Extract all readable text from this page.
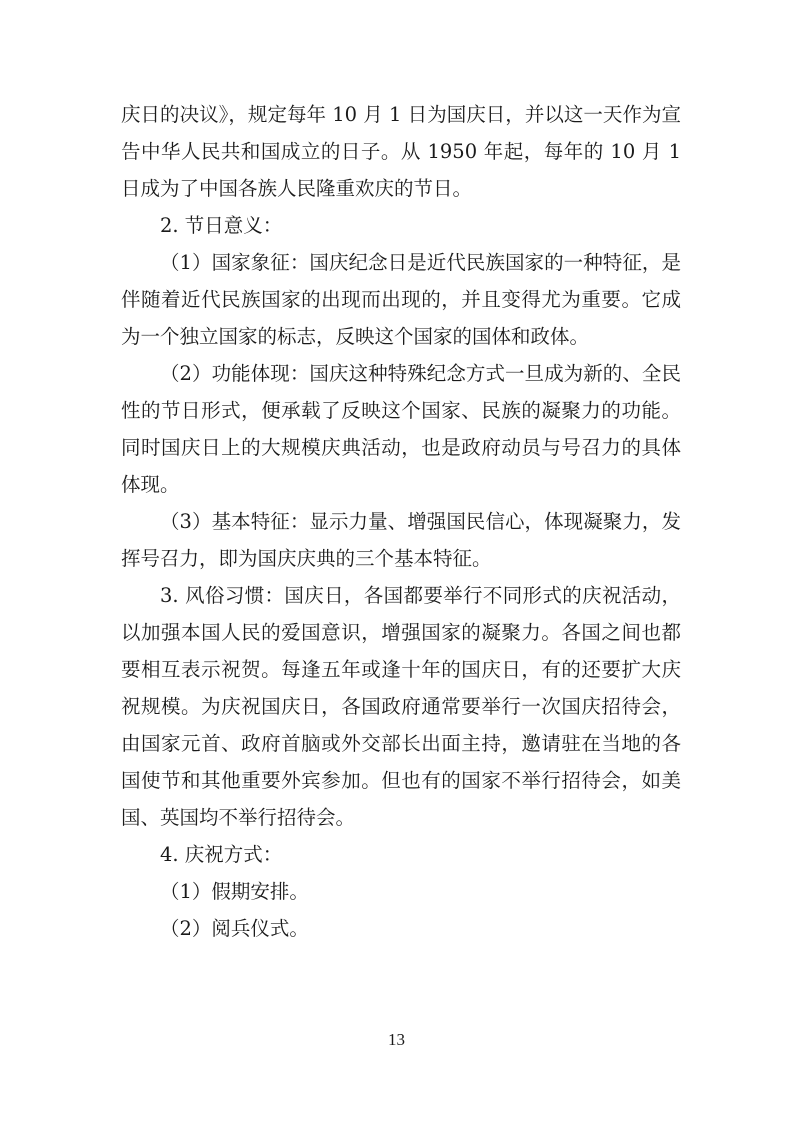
庆日的决议》，规定每年 10 月 1 日为国庆日，并以这一天作为宣告中华人民共和国成立的日子。从 1950 年起，每年的 10 月 1 日成为了中国各族人民隆重欢庆的节日。

2. 节日意义：

（1）国家象征：国庆纪念日是近代民族国家的一种特征，是伴随着近代民族国家的出现而出现的，并且变得尤为重要。它成为一个独立国家的标志，反映这个国家的国体和政体。

（2）功能体现：国庆这种特殊纪念方式一旦成为新的、全民性的节日形式，便承载了反映这个国家、民族的凝聚力的功能。同时国庆日上的大规模庆典活动，也是政府动员与号召力的具体体现。

（3）基本特征：显示力量、增强国民信心，体现凝聚力，发挥号召力，即为国庆庆典的三个基本特征。

3. 风俗习惯：国庆日，各国都要举行不同形式的庆祝活动，以加强本国人民的爱国意识，增强国家的凝聚力。各国之间也都要相互表示祝贺。每逢五年或逢十年的国庆日，有的还要扩大庆祝规模。为庆祝国庆日，各国政府通常要举行一次国庆招待会，由国家元首、政府首脑或外交部长出面主持，邀请驻在当地的各国使节和其他重要外宾参加。但也有的国家不举行招待会，如美国、英国均不举行招待会。

4. 庆祝方式：

（1）假期安排。

（2）阅兵仪式。

13
